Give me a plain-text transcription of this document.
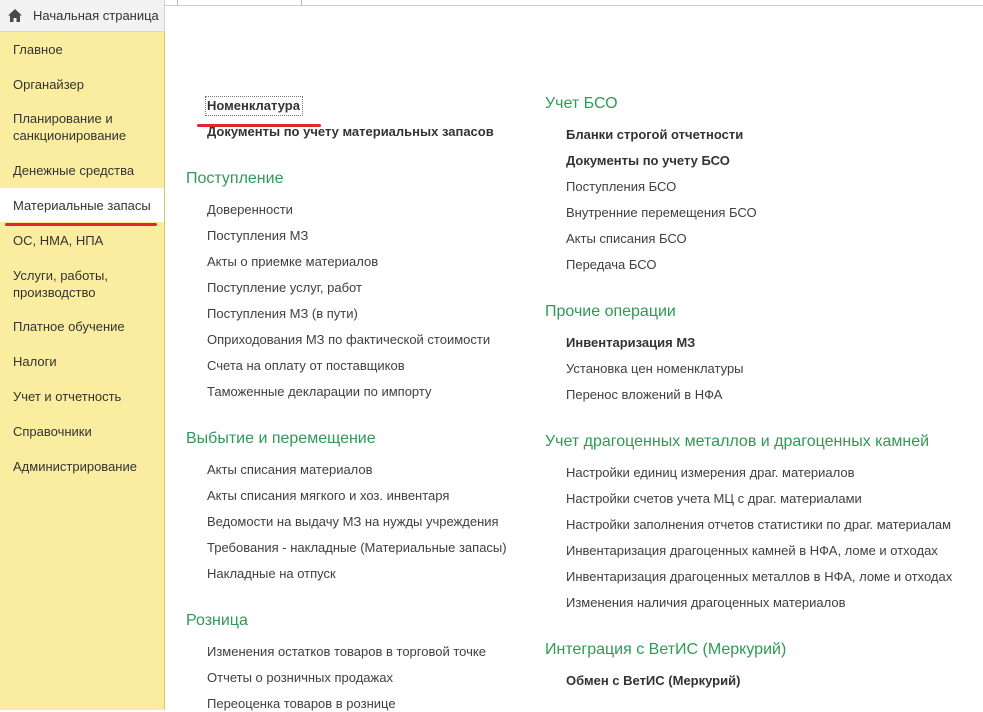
Начальная страница
Главное
Органайзер
Планирование и санкционирование
Денежные средства
Материальные запасы
ОС, НМА, НПА
Услуги, работы, производство
Платное обучение
Налоги
Учет и отчетность
Справочники
Администрирование
Номенклатура
Документы по учету материальных запасов
Поступление
Доверенности
Поступления МЗ
Акты о приемке материалов
Поступление услуг, работ
Поступления МЗ (в пути)
Оприходования МЗ по фактической стоимости
Счета на оплату от поставщиков
Таможенные декларации по импорту
Выбытие и перемещение
Акты списания материалов
Акты списания мягкого и хоз. инвентаря
Ведомости на выдачу МЗ на нужды учреждения
Требования - накладные (Материальные запасы)
Накладные на отпуск
Розница
Изменения остатков товаров в торговой точке
Отчеты о розничных продажах
Переоценка товаров в рознице
Учет БСО
Бланки строгой отчетности
Документы по учету БСО
Поступления БСО
Внутренние перемещения БСО
Акты списания БСО
Передача БСО
Прочие операции
Инвентаризация МЗ
Установка цен номенклатуры
Перенос вложений в НФА
Учет драгоценных металлов и драгоценных камней
Настройки единиц измерения драг. материалов
Настройки счетов учета МЦ с драг. материалами
Настройки заполнения отчетов статистики по драг. материалам
Инвентаризация драгоценных камней в НФА, ломе и отходах
Инвентаризация драгоценных металлов в НФА, ломе и отходах
Изменения наличия драгоценных материалов
Интеграция с ВетИС (Меркурий)
Обмен с ВетИС (Меркурий)
